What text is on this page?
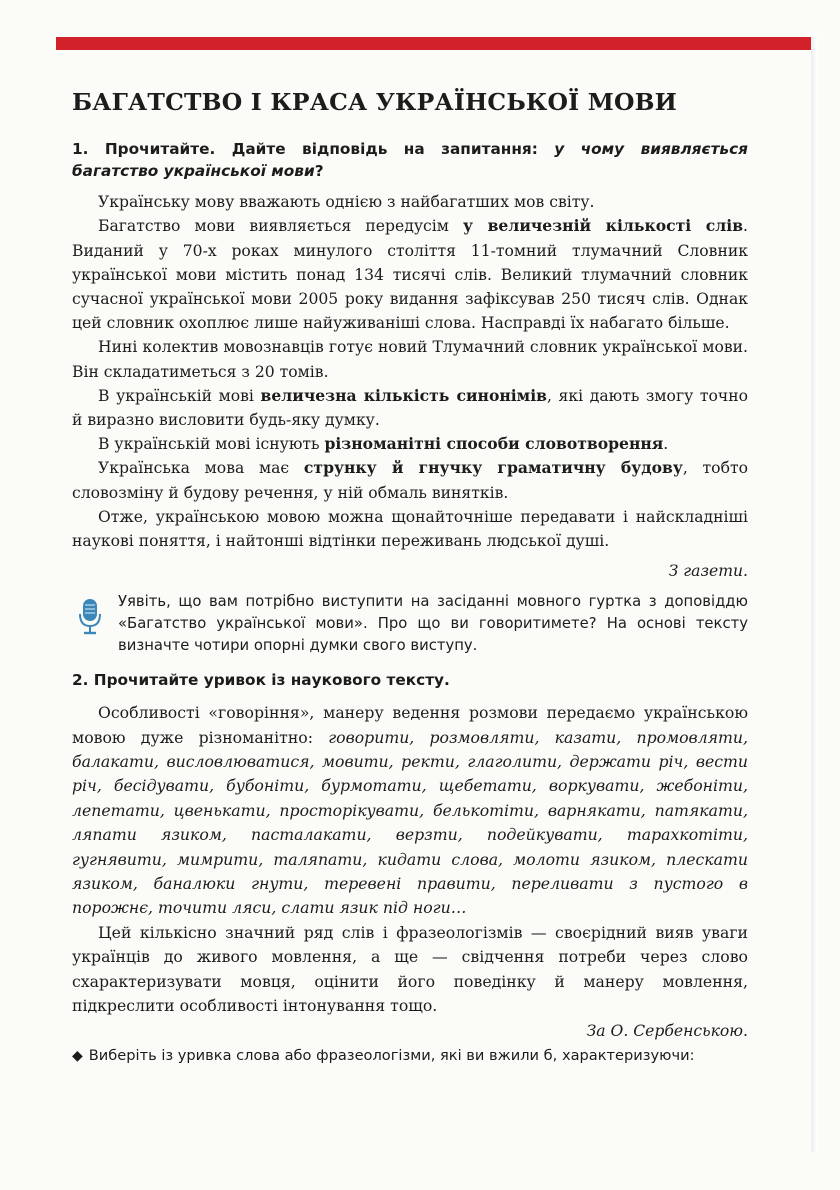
БАГАТСТВО І КРАСА УКРАЇНСЬКОЇ МОВИ

1. Прочитайте. Дайте відповідь на запитання: у чому виявляється багатство української мови?

Українську мову вважають однією з найбагатших мов світу.

Багатство мови виявляється передусім у величезній кількості слів. Виданий у 70-х роках минулого століття 11-томний тлумачний Словник української мови містить понад 134 тисячі слів. Великий тлумачний словник сучасної української мови 2005 року видання зафіксував 250 тисяч слів. Однак цей словник охоплює лише найуживаніші слова. Насправді їх набагато більше.

Нині колектив мовознавців готує новий Тлумачний словник української мови. Він складатиметься з 20 томів.

В українській мові величезна кількість синонімів, які дають змогу точно й виразно висловити будь-яку думку.

В українській мові існують різноманітні способи словотворення.

Українська мова має струнку й гнучку граматичну будову, тобто словозміну й будову речення, у ній обмаль винятків.

Отже, українською мовою можна щонайточніше передавати і найскладніші наукові поняття, і найтонші відтінки переживань людської душі.

З газети.

Уявіть, що вам потрібно виступити на засіданні мовного гуртка з доповіддю «Багатство української мови». Про що ви говоритимете? На основі тексту визначте чотири опорні думки свого виступу.

2. Прочитайте уривок із наукового тексту.

Особливості «говоріння», манеру ведення розмови передаємо українською мовою дуже різноманітно: говорити, розмовляти, казати, промовляти, балакати, висловлюватися, мовити, ректи, глаголити, держати річ, вести річ, бесідувати, бубоніти, бурмотати, щебетати, воркувати, жебоніти, лепетати, цвенькати, просторікувати, белькотіти, варнякати, патякати, ляпати язиком, пасталакати, верзти, подейкувати, тарахкотіти, гугнявити, мимрити, таляпати, кидати слова, молоти язиком, плескати язиком, баналюки гнути, теревені правити, переливати з пустого в порожнє, точити ляси, слати язик під ноги…

Цей кількісно значний ряд слів і фразеологізмів — своєрідний вияв уваги українців до живого мовлення, а ще — свідчення потреби через слово схарактеризувати мовця, оцінити його поведінку й манеру мовлення, підкреслити особливості інтонування тощо.

За О. Сербенською.

◆ Виберіть із уривка слова або фразеологізми, які ви вжили б, характеризуючи:
